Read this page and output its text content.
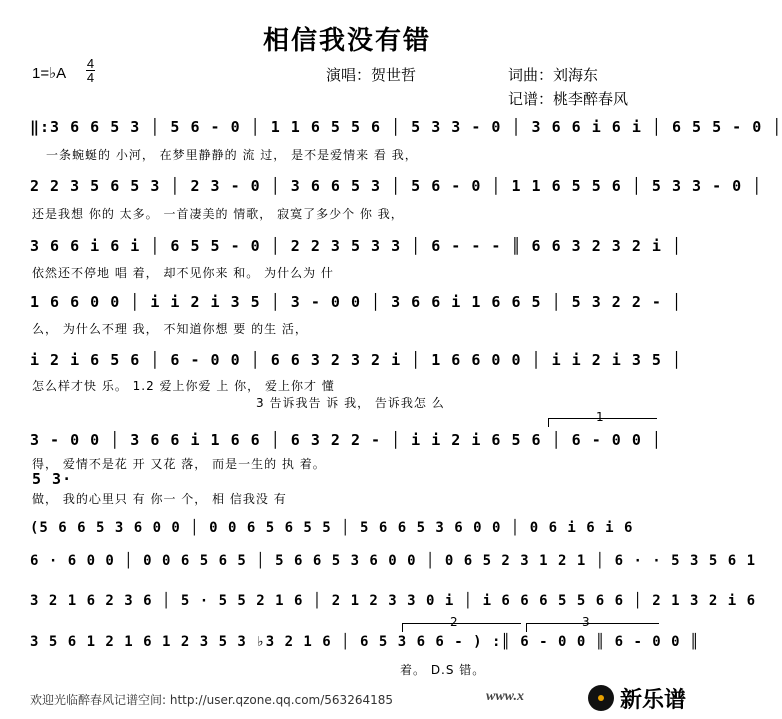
相信我没有错
1=♭A
4
4	演唱：贺世哲	词曲：刘海东
记谱：桃李醉春风
‖:3 6 6 5 3 │ 5 6 - 0 │ 1 1 6 5 5 6 │ 5 3 3 - 0 │ 3 6 6 i 6 i │ 6 5 5 - 0 │
一条蜿蜒的 小河， 在梦里静静的 流 过， 是不是爱情来 看 我，
2 2 3 5 6 5 3 │ 2 3 - 0 │ 3 6 6 5 3 │ 5 6 - 0 │ 1 1 6 5 5 6 │ 5 3 3 - 0 │
还是我想 你的 太多。 一首凄美的 情歌， 寂寞了多少个 你 我，
3 6 6 i 6 i │ 6 5 5 - 0 │ 2 2 3 5 3 3 │ 6 - - - ║ 6 6 3 2 3 2 i │
依然还不停地 唱 着， 却不见你来 和。 为什么为 什
1 6 6 0 0 │ i i 2 i 3 5 │ 3 - 0 0 │ 3 6 6 i 1 6 6 5 │ 5 3 2 2 - │
么， 为什么不理 我， 不知道你想 要 的生 活，
i 2 i 6 5 6 │ 6 - 0 0 │ 6 6 3 2 3 2 i │ 1 6 6 0 0 │ i i 2 i 3 5 │
怎么样才快 乐。 1.2 爱上你爱 上 你， 爱上你才 懂
3 告诉我告 诉 我， 告诉我怎 么
1
3 - 0 0 │ 3 6 6 i 1 6 6 │ 6 3 2 2 - │ i i 2 i 6 5 6 │ 6 - 0 0 │
得， 爱情不是花 开 又花 落， 而是一生的 执 着。
5 3·
做， 我的心里只 有 你一 个， 相 信我没 有
(5 6 6 5 3 6 0 0 │ 0 0 6 5 6 5 5 │ 5 6 6 5 3 6 0 0 │ 0 6 i 6 i 6
6 · 6 0 0 │ 0 0 6 5 6 5 │ 5 6 6 5 3 6 0 0 │ 0 6 5 2 3 1 2 1 │ 6 · · 5 3 5 6 1
3 2 1 6 2 3 6 │ 5 · 5 5 2 1 6 │ 2 1 2 3 3 0 i │ i 6 6 6 5 5 6 6 │ 2 1 3 2 i 6
2	3
3 5 6 1 2 1 6 1 2 3 5 3 ♭3 2 1 6 │ 6 5 3 6 6 - ) :║ 6 - 0 0 ║ 6 - 0 0 ║
着。 D.S 错。
欢迎光临醉春风记谱空间: http://user.qzone.qq.com/563264185	www.x	新乐谱
